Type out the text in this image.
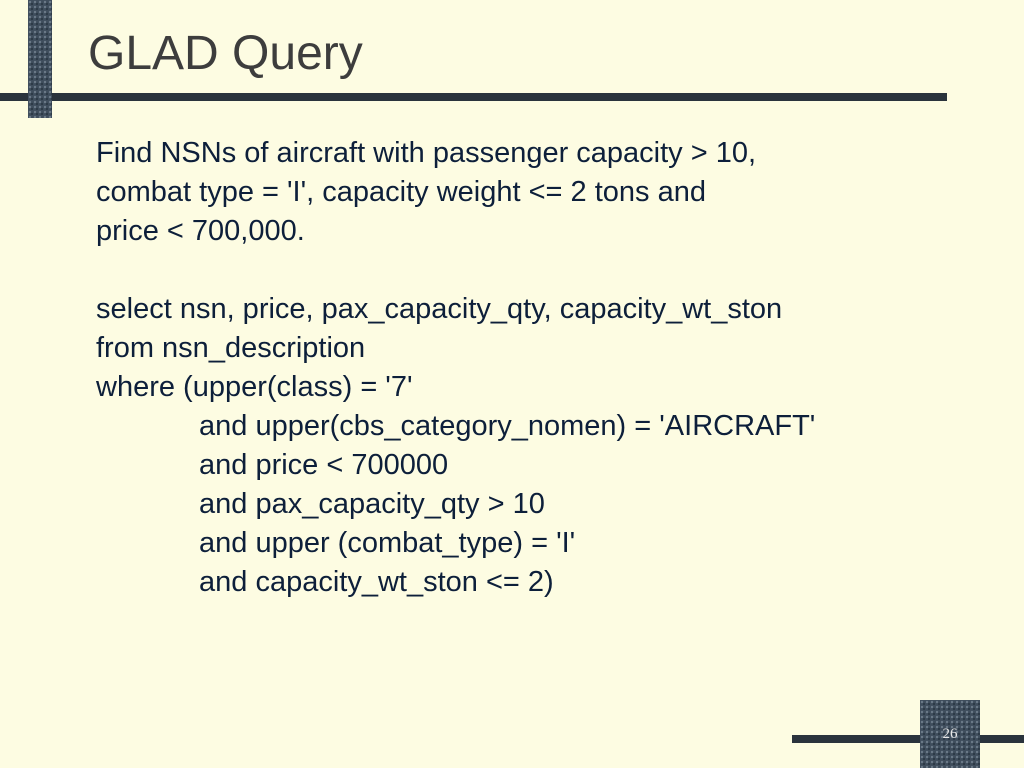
GLAD Query

Find NSNs of aircraft with passenger capacity > 10,

combat type = 'I', capacity weight <= 2 tons and

price < 700,000.

select nsn, price, pax_capacity_qty, capacity_wt_ston

from nsn_description

where (upper(class) = '7'

and upper(cbs_category_nomen) = 'AIRCRAFT'

and price < 700000

and pax_capacity_qty > 10

and upper (combat_type) = 'I'

and capacity_wt_ston <= 2)

26
